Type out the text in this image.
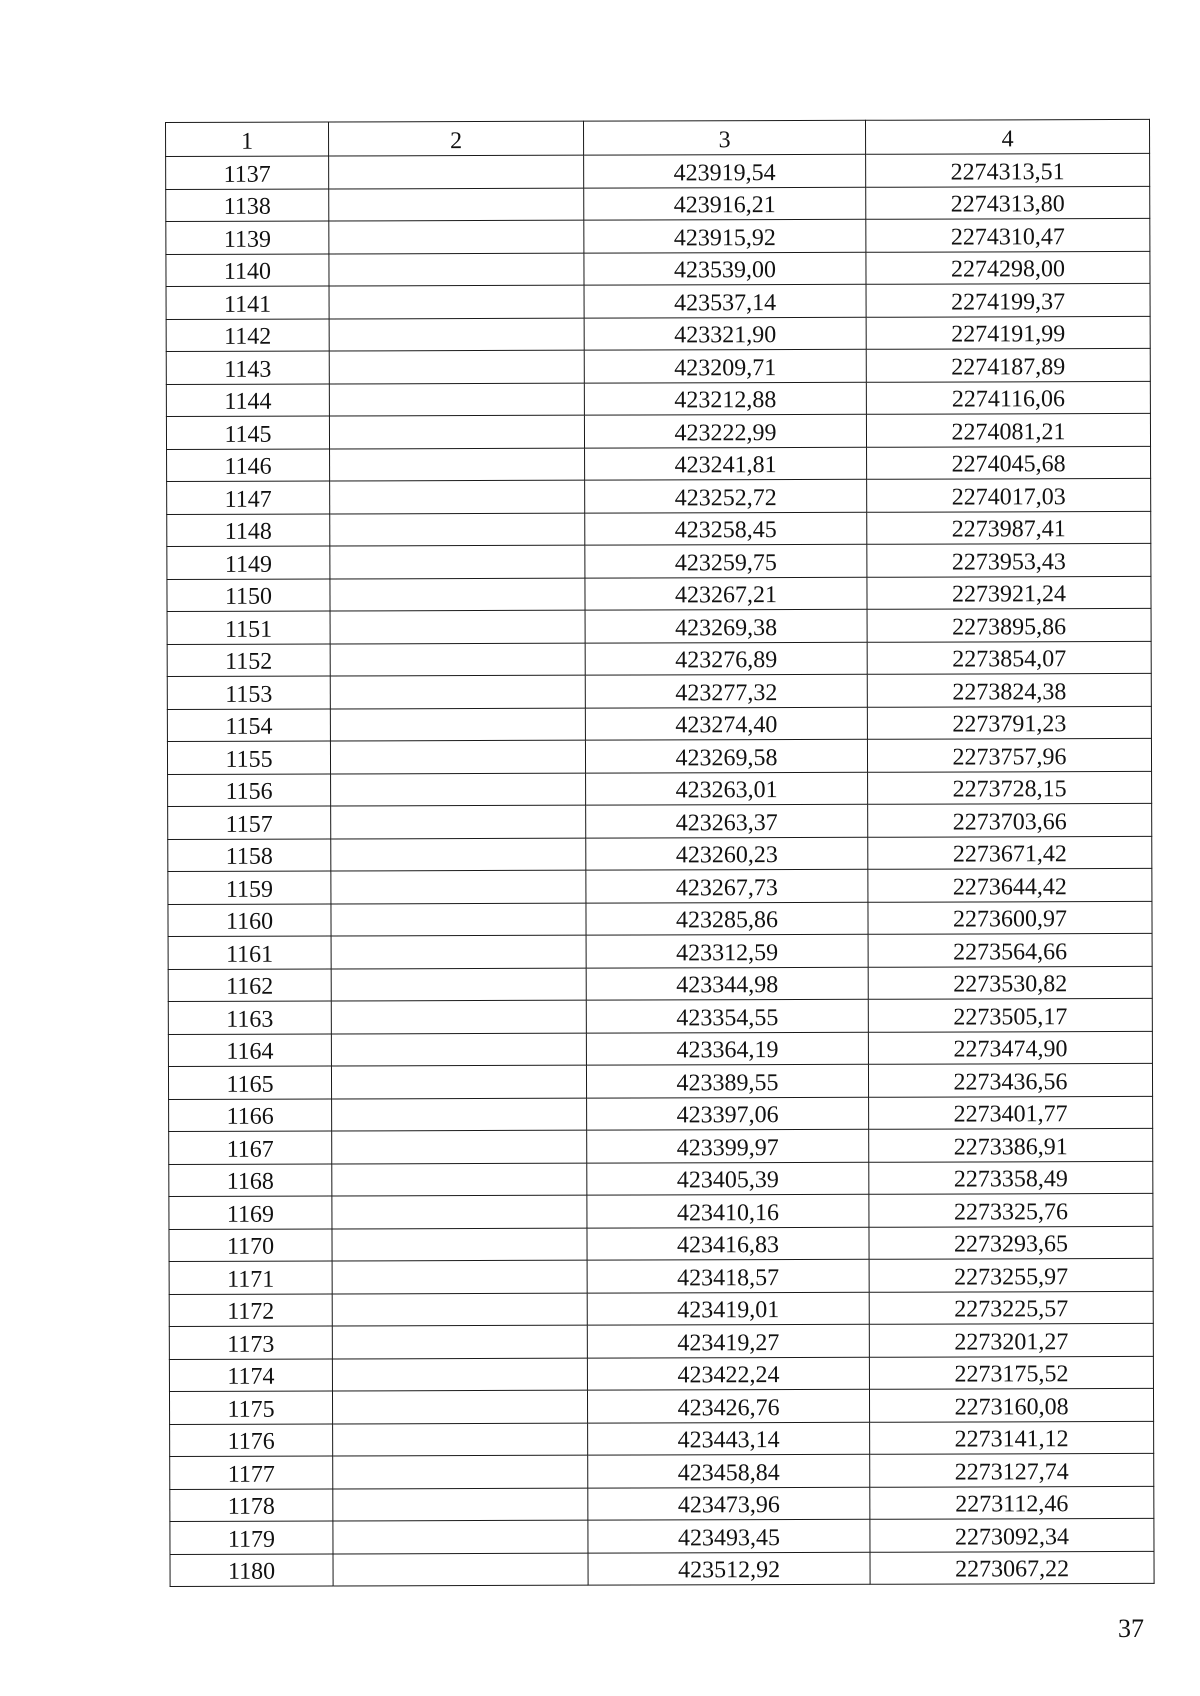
1	2	3	4
1137		423919,54	2274313,51
1138		423916,21	2274313,80
1139		423915,92	2274310,47
1140		423539,00	2274298,00
1141		423537,14	2274199,37
1142		423321,90	2274191,99
1143		423209,71	2274187,89
1144		423212,88	2274116,06
1145		423222,99	2274081,21
1146		423241,81	2274045,68
1147		423252,72	2274017,03
1148		423258,45	2273987,41
1149		423259,75	2273953,43
1150		423267,21	2273921,24
1151		423269,38	2273895,86
1152		423276,89	2273854,07
1153		423277,32	2273824,38
1154		423274,40	2273791,23
1155		423269,58	2273757,96
1156		423263,01	2273728,15
1157		423263,37	2273703,66
1158		423260,23	2273671,42
1159		423267,73	2273644,42
1160		423285,86	2273600,97
1161		423312,59	2273564,66
1162		423344,98	2273530,82
1163		423354,55	2273505,17
1164		423364,19	2273474,90
1165		423389,55	2273436,56
1166		423397,06	2273401,77
1167		423399,97	2273386,91
1168		423405,39	2273358,49
1169		423410,16	2273325,76
1170		423416,83	2273293,65
1171		423418,57	2273255,97
1172		423419,01	2273225,57
1173		423419,27	2273201,27
1174		423422,24	2273175,52
1175		423426,76	2273160,08
1176		423443,14	2273141,12
1177		423458,84	2273127,74
1178		423473,96	2273112,46
1179		423493,45	2273092,34
1180		423512,92	2273067,22
37
